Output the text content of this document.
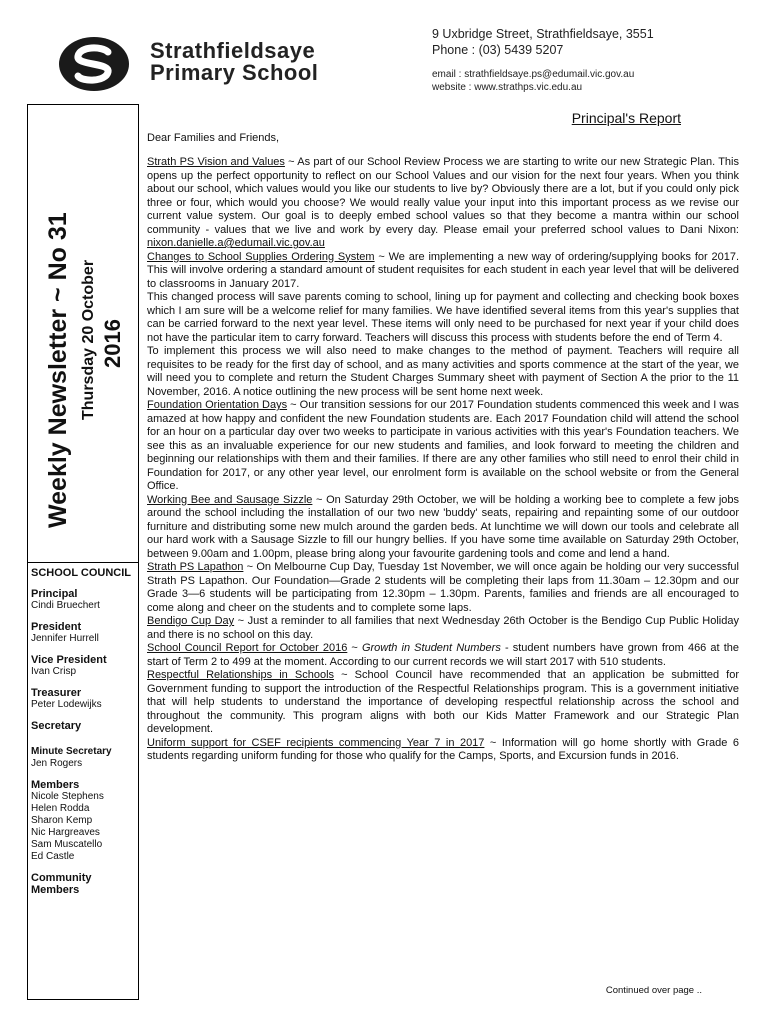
Strathfieldsaye
Primary School
9 Uxbridge Street, Strathfieldsaye, 3551
Phone : (03) 5439 5207
email : strathfieldsaye.ps@edumail.vic.gov.au
website : www.strathps.vic.edu.au
Weekly Newsletter ~ No 31 Thursday 20 October 2016
SCHOOL COUNCIL
Principal
Cindi Bruechert
President
Jennifer Hurrell
Vice President
Ivan Crisp
Treasurer
Peter Lodewijks
Secretary
Minute Secretary
Jen Rogers
Members
Nicole Stephens
Helen Rodda
Sharon Kemp
Nic Hargreaves
Sam Muscatello
Ed Castle
Community Members
Principal's Report

Dear Families and Friends,

Strath PS Vision and Values ~ As part of our School Review Process we are starting to write our new Strategic Plan. This opens up the perfect opportunity to reflect on our School Values and our vision for the next four years. When you think about our school, which values would you like our students to live by? Obviously there are a lot, but if you could only pick three or four, which would you choose? We would really value your input into this important process as we revise our current value system. Our goal is to deeply embed school values so that they become a mantra within our school community - values that we live and work by every day. Please email your preferred school values to Dani Nixon: nixon.danielle.a@edumail.vic.gov.au

Changes to School Supplies Ordering System ~ We are implementing a new way of ordering/supplying books for 2017. This will involve ordering a standard amount of student requisites for each student in each year level that will be delivered to classrooms in January 2017.

This changed process will save parents coming to school, lining up for payment and collecting and checking book boxes which I am sure will be a welcome relief for many families. We have identified several items from this year's supplies that can be carried forward to the next year level. These items will only need to be purchased for next year if your child does not have the particular item to carry forward. Teachers will discuss this process with students before the end of Term 4.

To implement this process we will also need to make changes to the method of payment. Teachers will require all requisites to be ready for the first day of school, and as many activities and sports commence at the start of the year, we will need you to complete and return the Student Charges Summary sheet with payment of Section A the prior to the 11 November, 2016. A notice outlining the new process will be sent home next week.

Foundation Orientation Days ~ Our transition sessions for our 2017 Foundation students commenced this week and I was amazed at how happy and confident the new Foundation students are. Each 2017 Foundation child will attend the school for an hour on a particular day over two weeks to participate in various activities with this year's Foundation teachers. We see this as an invaluable experience for our new students and families, and look forward to meeting the children and beginning our relationships with them and their families. If there are any other families who still need to enrol their child in Foundation for 2017, or any other year level, our enrolment form is available on the school website or from the General Office.

Working Bee and Sausage Sizzle ~ On Saturday 29th October, we will be holding a working bee to complete a few jobs around the school including the installation of our two new 'buddy' seats, repairing and repainting some of our outdoor furniture and distributing some new mulch around the garden beds. At lunchtime we will down our tools and celebrate all our hard work with a Sausage Sizzle to fill our hungry bellies. If you have some time available on Saturday 29th October, between 9.00am and 1.00pm, please bring along your favourite gardening tools and come and lend a hand.

Strath PS Lapathon ~ On Melbourne Cup Day, Tuesday 1st November, we will once again be holding our very successful Strath PS Lapathon. Our Foundation—Grade 2 students will be completing their laps from 11.30am – 12.30pm and our Grade 3—6 students will be participating from 12.30pm – 1.30pm. Parents, families and friends are all encouraged to come along and cheer on the students and to complete some laps.

Bendigo Cup Day ~ Just a reminder to all families that next Wednesday 26th October is the Bendigo Cup Public Holiday and there is no school on this day.

School Council Report for October 2016 ~ Growth in Student Numbers - student numbers have grown from 466 at the start of Term 2 to 499 at the moment. According to our current records we will start 2017 with 510 students.

Respectful Relationships in Schools ~ School Council have recommended that an application be submitted for Government funding to support the introduction of the Respectful Relationships program. This is a government initiative that will help students to understand the importance of developing respectful relationship across the school and throughout the community. This program aligns with both our Kids Matter Framework and our Strategic Plan development.

Uniform support for CSEF recipients commencing Year 7 in 2017 ~ Information will go home shortly with Grade 6 students regarding uniform funding for those who qualify for the Camps, Sports, and Excursion funds in 2016.

Continued over page ..
